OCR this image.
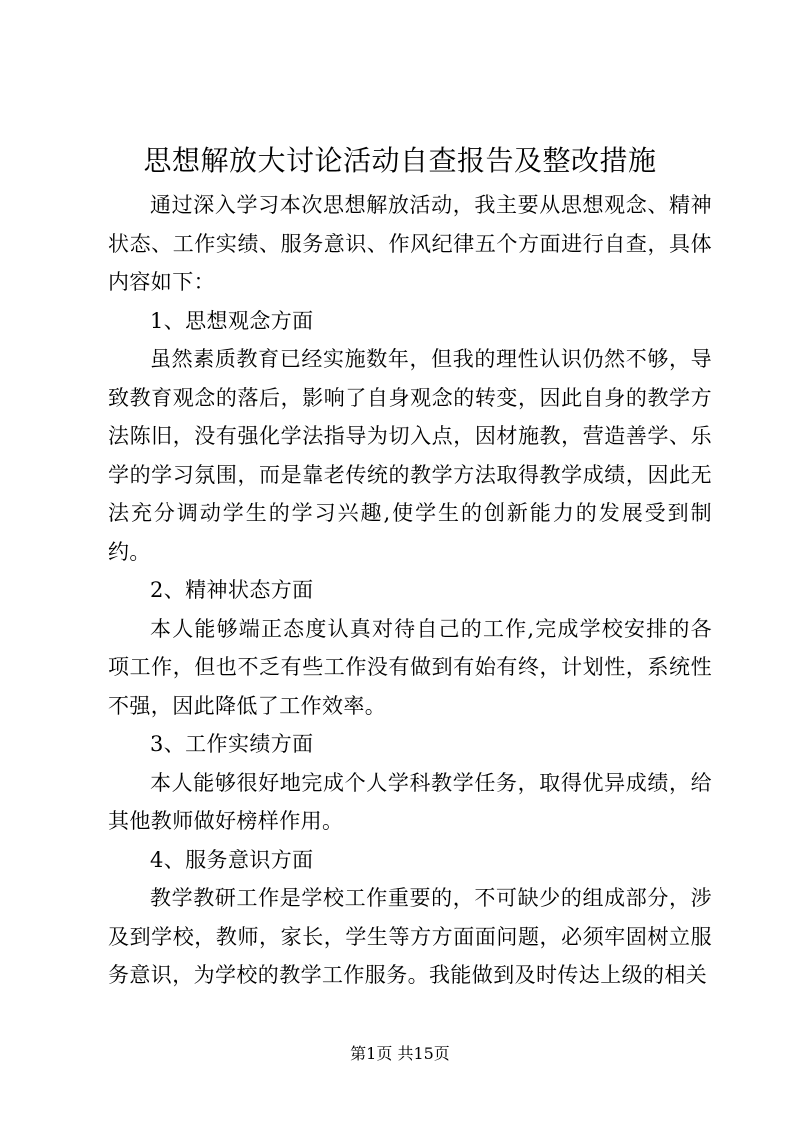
思想解放大讨论活动自查报告及整改措施

通过深入学习本次思想解放活动，我主要从思想观念、精神状态、工作实绩、服务意识、作风纪律五个方面进行自查，具体内容如下：

1、思想观念方面

虽然素质教育已经实施数年，但我的理性认识仍然不够，导致教育观念的落后，影响了自身观念的转变，因此自身的教学方法陈旧，没有强化学法指导为切入点，因材施教，营造善学、乐学的学习氛围，而是靠老传统的教学方法取得教学成绩，因此无法充分调动学生的学习兴趣,使学生的创新能力的发展受到制约。

2、精神状态方面

本人能够端正态度认真对待自己的工作,完成学校安排的各项工作，但也不乏有些工作没有做到有始有终，计划性，系统性不强，因此降低了工作效率。

3、工作实绩方面

本人能够很好地完成个人学科教学任务，取得优异成绩，给其他教师做好榜样作用。

4、服务意识方面

教学教研工作是学校工作重要的，不可缺少的组成部分，涉及到学校，教师，家长，学生等方方面面问题，必须牢固树立服务意识，为学校的教学工作服务。我能做到及时传达上级的相关

第1页 共15页
